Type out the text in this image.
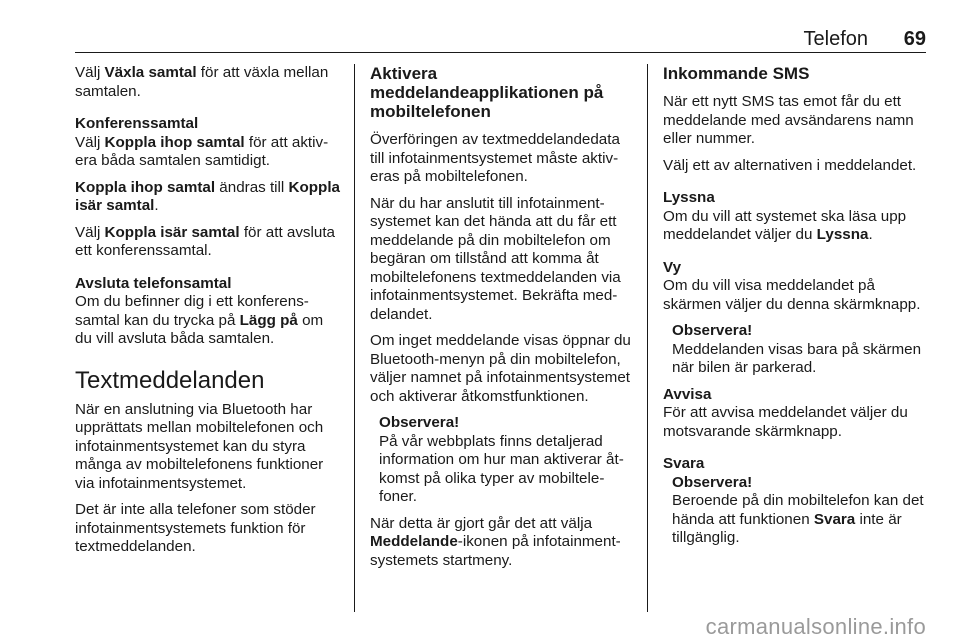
Telefon 69

Välj Växla samtal för att växla mellan samtalen.

Konferenssamtal

Välj Koppla ihop samtal för att aktivera båda samtalen samtidigt.

Koppla ihop samtal ändras till Koppla isär samtal.

Välj Koppla isär samtal för att avsluta ett konferenssamtal.

Avsluta telefonsamtal

Om du befinner dig i ett konferenssamtal kan du trycka på Lägg på om du vill avsluta båda samtalen.

Textmeddelanden

När en anslutning via Bluetooth har upprättats mellan mobiltelefonen och infotainmentsystemet kan du styra många av mobiltelefonens funktioner via infotainmentsystemet.

Det är inte alla telefoner som stöder infotainmentsystemets funktion för textmeddelanden.

Aktivera meddelandeapplikationen på mobiltelefonen

Överföringen av textmeddelandedata till infotainmentsystemet måste aktiveras på mobiltelefonen.

När du har anslutit till infotainmentsystemet kan det hända att du får ett meddelande på din mobiltelefon om begäran om tillstånd att komma åt mobiltelefonens textmeddelanden via infotainmentsystemet. Bekräfta meddelandet.

Om inget meddelande visas öppnar du Bluetooth-menyn på din mobiltelefon, väljer namnet på infotainmentsystemet och aktiverar åtkomstfunktionen.

Observera!
På vår webbplats finns detaljerad information om hur man aktiverar åtkomst på olika typer av mobiltelefoner.

När detta är gjort går det att välja Meddelande-ikonen på infotainmentsystemets startmeny.

Inkommande SMS

När ett nytt SMS tas emot får du ett meddelande med avsändarens namn eller nummer.

Välj ett av alternativen i meddelandet.

Lyssna

Om du vill att systemet ska läsa upp meddelandet väljer du Lyssna.

Vy

Om du vill visa meddelandet på skärmen väljer du denna skärmknapp.

Observera!
Meddelanden visas bara på skärmen när bilen är parkerad.
Avvisa

För att avvisa meddelandet väljer du motsvarande skärmknapp.

Svara
Observera!
Beroende på din mobiltelefon kan det hända att funktionen Svara inte är tillgänglig.
carmanualsonline.info
